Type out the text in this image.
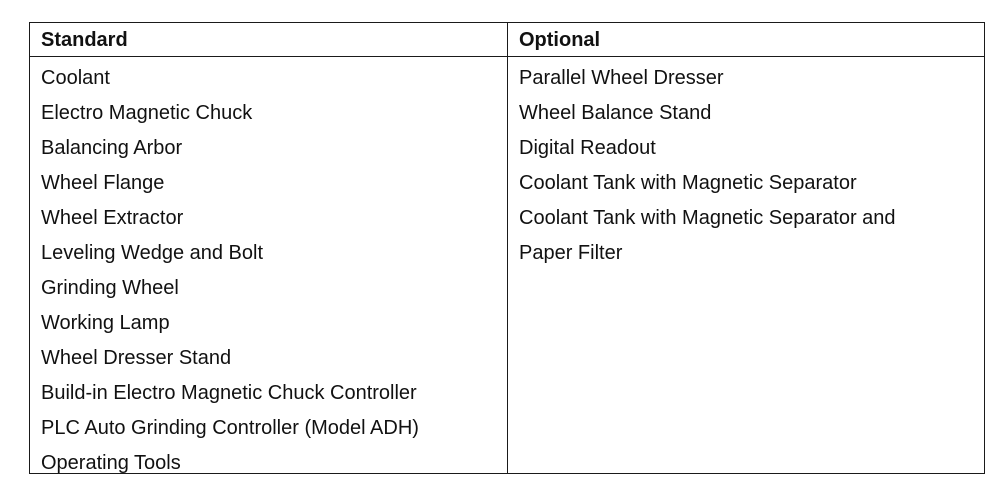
Standard	Optional
Coolant
Electro Magnetic Chuck
Balancing Arbor
Wheel Flange
Wheel Extractor
Leveling Wedge and Bolt
Grinding Wheel
Working Lamp
Wheel Dresser Stand
Build-in Electro Magnetic Chuck Controller
PLC Auto Grinding Controller (Model ADH)
Operating Tools
Parallel Wheel Dresser
Wheel Balance Stand
Digital Readout
Coolant Tank with Magnetic Separator
Coolant Tank with Magnetic Separator and
Paper Filter
